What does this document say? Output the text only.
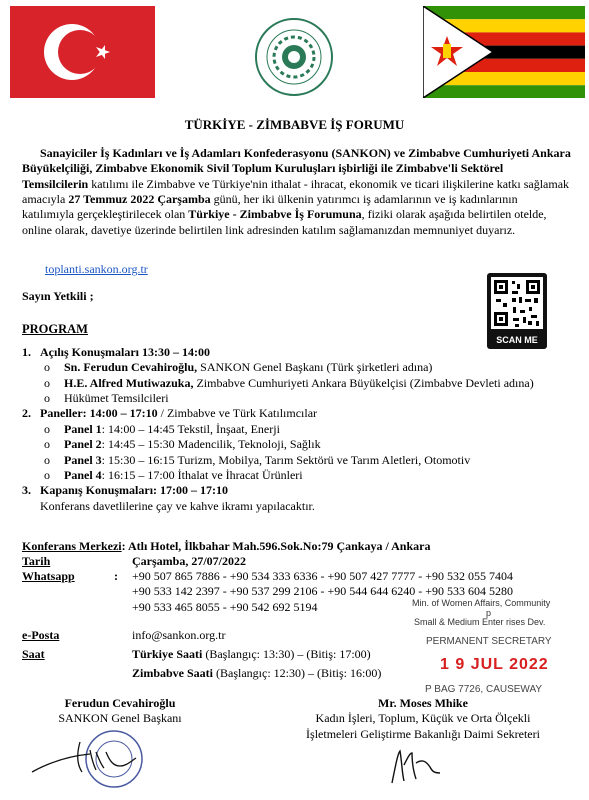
TÜRKİYE - ZİMBABVE İŞ FORUMU
Sanayiciler İş Kadınları ve İş Adamları Konfederasyonu (SANKON) ve Zimbabve Cumhuriyeti Ankara Büyükelçiliği, Zimbabve Ekonomik Sivil Toplum Kuruluşları işbirliği ile Zimbabve'li Sektörel Temsilcilerin katılımı ile Zimbabve ve Türkiye'nin ithalat - ihracat, ekonomik ve ticari ilişkilerine katkı sağlamak amacıyla 27 Temmuz 2022 Çarşamba günü, her iki ülkenin yatırımcı iş adamlarının ve iş kadınlarının katılımıyla gerçekleştirilecek olan Türkiye - Zimbabve İş Forumuna, fiziki olarak aşağıda belirtilen otelde, online olarak, davetiye üzerinde belirtilen link adresinden katılım sağlamanızdan memnuniyet duyarız.
toplanti.sankon.org.tr
Sayın Yetkili ;
PROGRAM
SCAN ME
1. Açılış Konuşmaları 13:30 – 14:00
o	Sn. Ferudun Cevahiroğlu, SANKON Genel Başkanı (Türk şirketleri adına)
o	H.E. Alfred Mutiwazuka, Zimbabve Cumhuriyeti Ankara Büyükelçisi (Zimbabve Devleti adına)
o	Hükümet Temsilcileri
2. Paneller: 14:00 – 17:10 / Zimbabve ve Türk Katılımcılar
o	Panel 1: 14:00 – 14:45 Tekstil, İnşaat, Enerji
o	Panel 2: 14:45 – 15:30 Madencilik, Teknoloji, Sağlık
o	Panel 3: 15:30 – 16:15 Turizm, Mobilya, Tarım Sektörü ve Tarım Aletleri, Otomotiv
o	Panel 4: 16:15 – 17:00 İthalat ve İhracat Ürünleri
3. Kapanış Konuşmaları: 17:00 – 17:10
Konferans davetlilerine çay ve kahve ikramı yapılacaktır.
Konferans Merkezi: Atlı Hotel, İlkbahar Mah.596.Sok.No:79 Çankaya / Ankara
Tarih	Çarşamba, 27/07/2022
Whatsapp	:	+90 507 865 7886 - +90 534 333 6336 - +90 507 427 7777 - +90 532 055 7404
+90 533 142 2397 - +90 537 299 2106 - +90 544 644 6240 - +90 533 604 5280
+90 533 465 8055 - +90 542 692 5194
e-Posta	info@sankon.org.tr
Saat	Türkiye Saati (Başlangıç: 13:30) – (Bitiş: 17:00)
Zimbabve Saati (Başlangıç: 12:30) – (Bitiş: 16:00)
Min. of Women Affairs, Community
p
Small & Medium Enter rises Dev.
PERMANENT SECRETARY
1 9 JUL 2022
P BAG 7726, CAUSEWAY
Ferudun Cevahiroğlu
SANKON Genel Başkanı
Mr. Moses Mhike
Kadın İşleri, Toplum, Küçük ve Orta Ölçekli
İşletmeleri Geliştirme Bakanlığı Daimi Sekreteri
